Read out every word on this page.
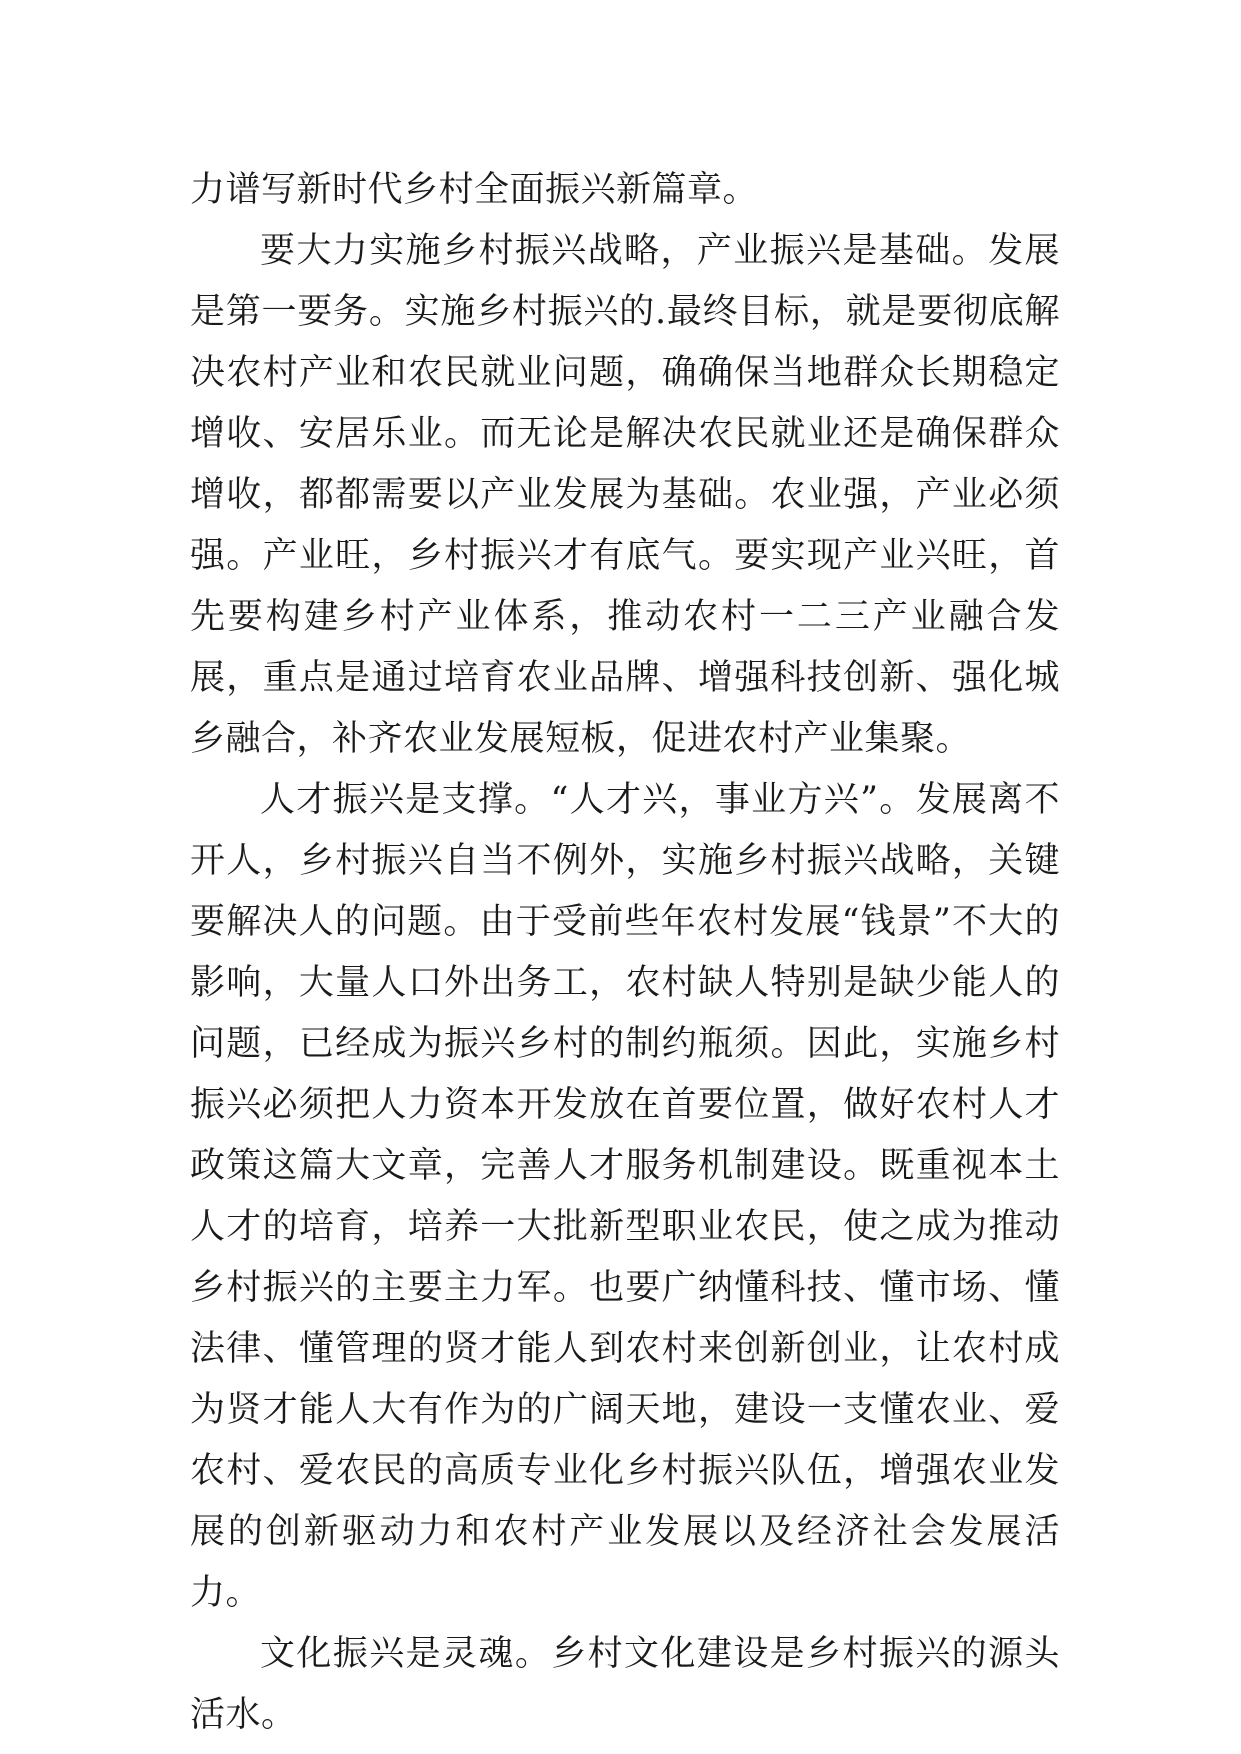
力谱写新时代乡村全面振兴新篇章。

要大力实施乡村振兴战略，产业振兴是基础。发展是第一要务。实施乡村振兴的.最终目标，就是要彻底解决农村产业和农民就业问题，确确保当地群众长期稳定增收、安居乐业。而无论是解决农民就业还是确保群众增收，都都需要以产业发展为基础。农业强，产业必须强。产业旺，乡村振兴才有底气。要实现产业兴旺，首先要构建乡村产业体系，推动农村一二三产业融合发展，重点是通过培育农业品牌、增强科技创新、强化城乡融合，补齐农业发展短板，促进农村产业集聚。

人才振兴是支撑。“人才兴，事业方兴”。发展离不开人，乡村振兴自当不例外，实施乡村振兴战略，关键要解决人的问题。由于受前些年农村发展“钱景”不大的影响，大量人口外出务工，农村缺人特别是缺少能人的问题，已经成为振兴乡村的制约瓶须。因此，实施乡村振兴必须把人力资本开发放在首要位置，做好农村人才政策这篇大文章，完善人才服务机制建设。既重视本土人才的培育，培养一大批新型职业农民，使之成为推动乡村振兴的主要主力军。也要广纳懂科技、懂市场、懂法律、懂管理的贤才能人到农村来创新创业，让农村成为贤才能人大有作为的广阔天地，建设一支懂农业、爱农村、爱农民的高质专业化乡村振兴队伍，增强农业发展的创新驱动力和农村产业发展以及经济社会发展活力。

文化振兴是灵魂。乡村文化建设是乡村振兴的源头活水。
